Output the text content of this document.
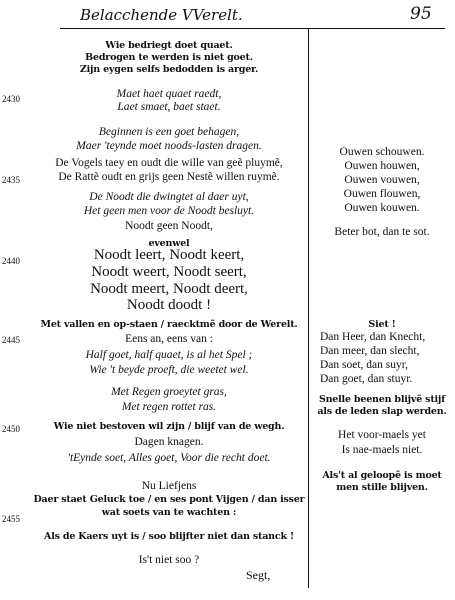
Belacchende VVerelt.	95
2430
2435
2440
2445
2450
2455
Wie bedriegt doet quaet.
Bedrogen te werden is niet goet.
Zijn eygen selfs bedodden is arger.
Maet haet quaet raedt,
Laet smaet, baet staet.
Beginnen is een goet behagen,
Maer 'teynde moet noods-lasten dragen.
De Vogels taey en oudt die wille van geẽ pluymẽ,
De Rattẽ oudt en grijs geen Nestẽ willen ruymẽ.
De Noodt die dwingtet al daer uyt,
Het geen men voor de Noodt besluyt.
Noodt geen Noodt,
evenwel
Noodt leert, Noodt keert,
Noodt weert, Noodt seert,
Noodt meert, Noodt deert,
Noodt doodt !
Met vallen en op-staen / raecktmẽ door de Werelt.
Eens an, eens van :
Half goet, half quaet, is al het Spel ;
Wie 't beyde proeft, die weetet wel.
Met Regen groeytet gras,
Met regen rottet ras.
Wie niet bestoven wil zijn / blijf van de wegh.
Dagen knagen.
'tEynde soet, Alles goet, Voor die recht doet.
Nu Liefjens
Daer staet Geluck toe / en ses pont Vijgen / dan isser
wat soets van te wachten :
Als de Kaers uyt is / soo blijfter niet dan stanck !
Is't niet soo ?
Segt,
Ouwen schouwen.
Ouwen houwen,
Ouwen vouwen,
Ouwen flouwen,
Ouwen kouwen.
Beter bot, dan te sot.
Siet !
Dan Heer, dan Knecht,
Dan meer, dan slecht,
Dan soet, dan suyr,
Dan goet, dan stuyr.
Snelle beenen blijvẽ stijf
als de leden slap werden.
Het voor-maels yet
Is nae-maels niet.
Als't al geloopẽ is moet
men stille blijven.
